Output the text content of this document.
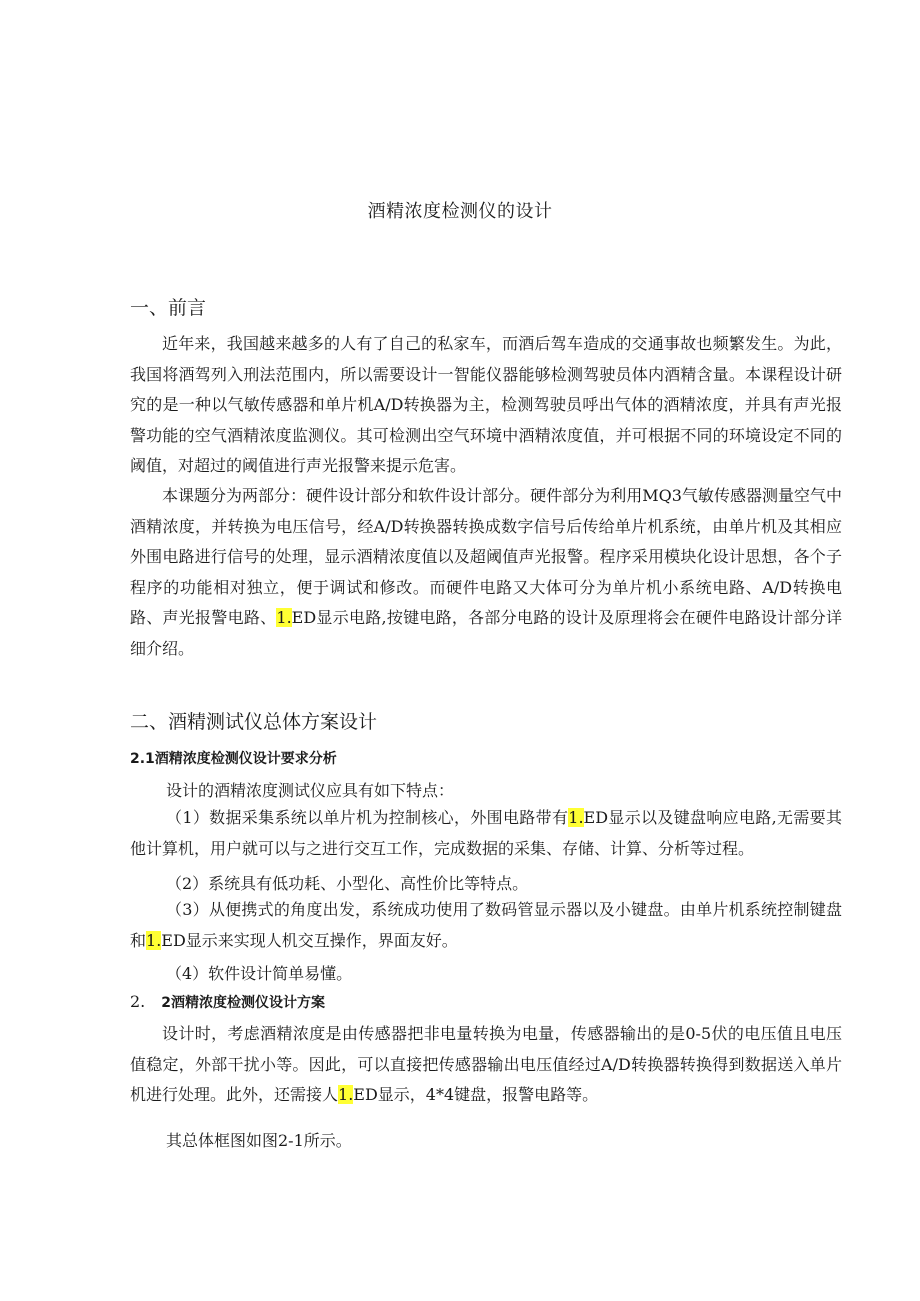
酒精浓度检测仪的设计
一、前言

近年来，我国越来越多的人有了自己的私家车，而酒后驾车造成的交通事故也频繁发生。为此，我国将酒驾列入刑法范围内，所以需要设计一智能仪器能够检测驾驶员体内酒精含量。本课程设计研究的是一种以气敏传感器和单片机A/D转换器为主，检测驾驶员呼出气体的酒精浓度，并具有声光报警功能的空气酒精浓度监测仪。其可检测出空气环境中酒精浓度值，并可根据不同的环境设定不同的阈值，对超过的阈值进行声光报警来提示危害。

本课题分为两部分：硬件设计部分和软件设计部分。硬件部分为利用MQ3气敏传感器测量空气中酒精浓度，并转换为电压信号，经A/D转换器转换成数字信号后传给单片机系统，由单片机及其相应外围电路进行信号的处理，显示酒精浓度值以及超阈值声光报警。程序采用模块化设计思想，各个子程序的功能相对独立，便于调试和修改。而硬件电路又大体可分为单片机小系统电路、A/D转换电路、声光报警电路、1.ED显示电路,按键电路，各部分电路的设计及原理将会在硬件电路设计部分详细介绍。

二、酒精测试仪总体方案设计
2.1酒精浓度检测仪设计要求分析

设计的酒精浓度测试仪应具有如下特点：

（1）数据采集系统以单片机为控制核心，外围电路带有1.ED显示以及键盘响应电路,无需要其他计算机，用户就可以与之进行交互工作，完成数据的采集、存储、计算、分析等过程。

（2）系统具有低功耗、小型化、高性价比等特点。

（3）从便携式的角度出发，系统成功使用了数码管显示器以及小键盘。由单片机系统控制键盘和1.ED显示来实现人机交互操作，界面友好。

（4）软件设计简单易懂。

2. 2酒精浓度检测仪设计方案

设计时，考虑酒精浓度是由传感器把非电量转换为电量，传感器输出的是0-5伏的电压值且电压值稳定，外部干扰小等。因此，可以直接把传感器输出电压值经过A/D转换器转换得到数据送入单片机进行处理。此外，还需接人1.ED显示，4*4键盘，报警电路等。

其总体框图如图2-1所示。
